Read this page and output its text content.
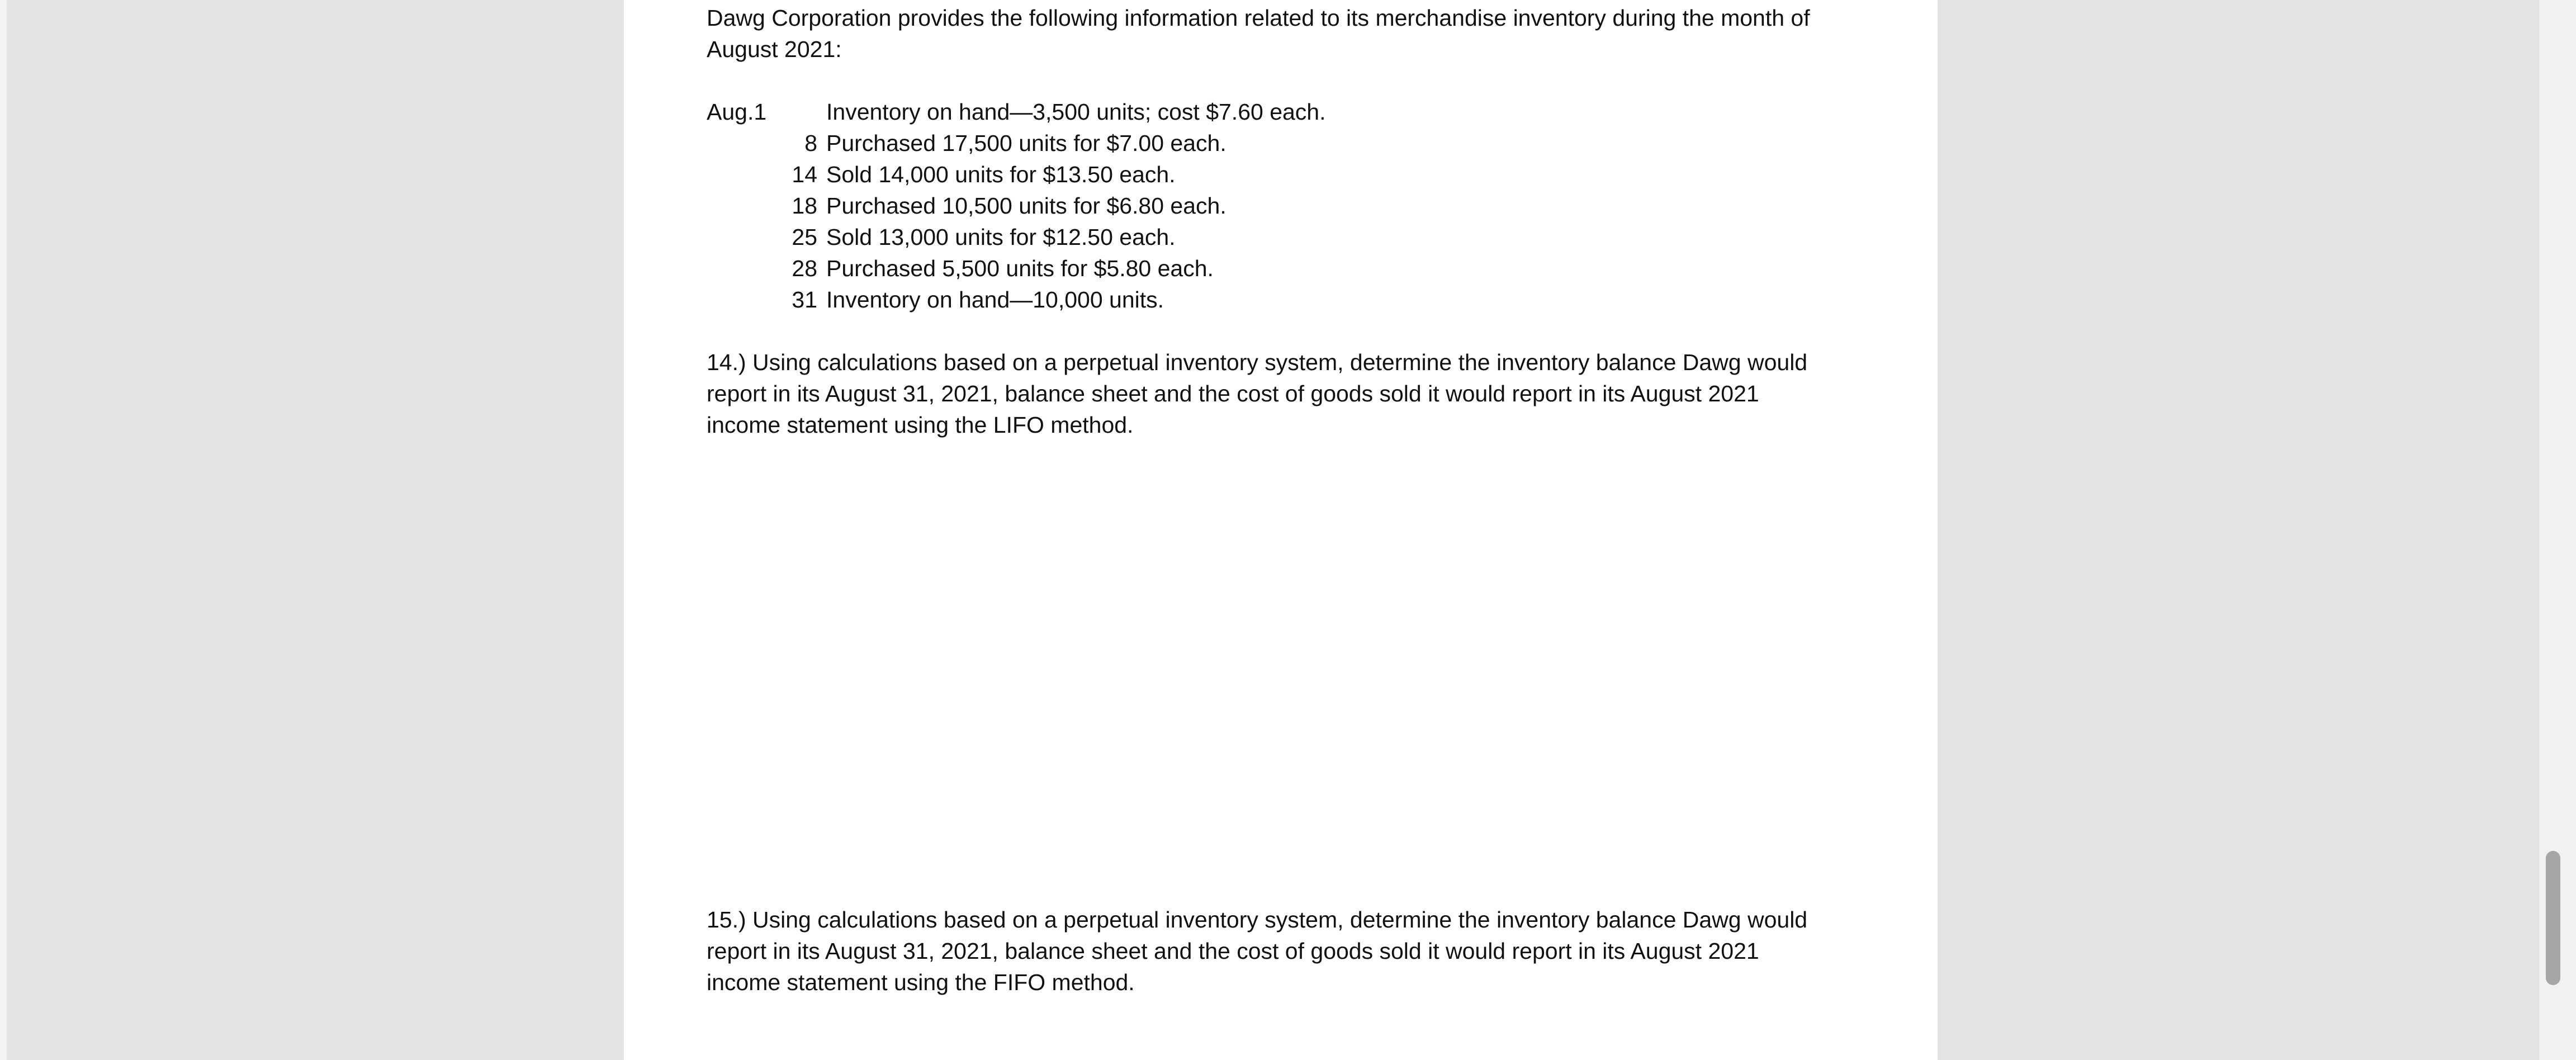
Dawg Corporation provides the following information related to its merchandise inventory during the month of August 2021:

Aug.1	Inventory on hand—3,500 units; cost $7.60 each.
8 Purchased 17,500 units for $7.00 each.
14 Sold 14,000 units for $13.50 each.
18 Purchased 10,500 units for $6.80 each.
25 Sold 13,000 units for $12.50 each.
28 Purchased 5,500 units for $5.80 each.
31 Inventory on hand—10,000 units.

14.) Using calculations based on a perpetual inventory system, determine the inventory balance Dawg would report in its August 31, 2021, balance sheet and the cost of goods sold it would report in its August 2021 income statement using the LIFO method.

15.) Using calculations based on a perpetual inventory system, determine the inventory balance Dawg would report in its August 31, 2021, balance sheet and the cost of goods sold it would report in its August 2021 income statement using the FIFO method.
